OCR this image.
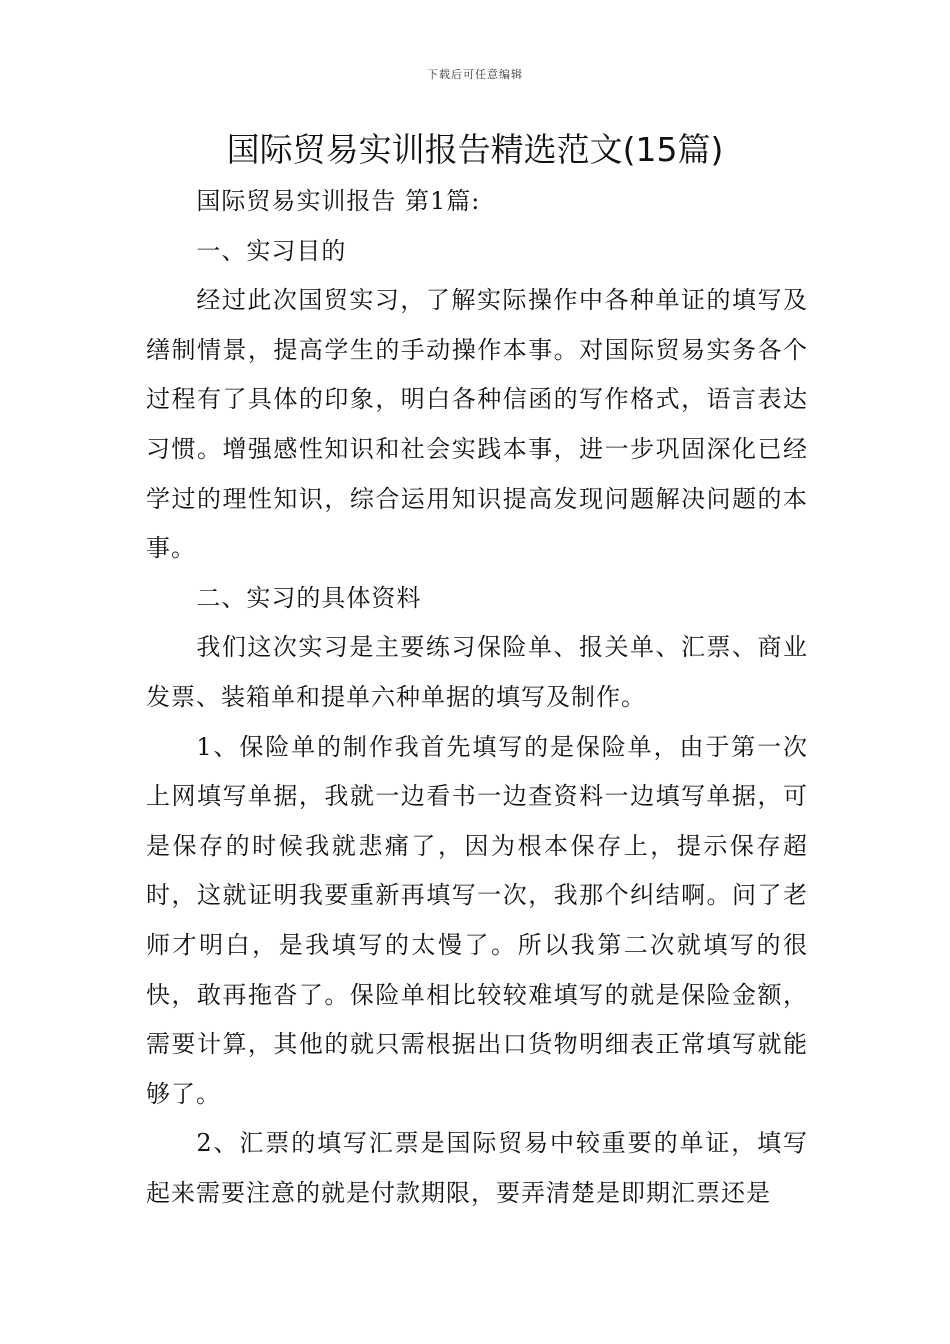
下载后可任意编辑
国际贸易实训报告精选范文(15篇)

国际贸易实训报告 第1篇:

一、实习目的

经过此次国贸实习，了解实际操作中各种单证的填写及缮制情景，提高学生的手动操作本事。对国际贸易实务各个过程有了具体的印象，明白各种信函的写作格式，语言表达习惯。增强感性知识和社会实践本事，进一步巩固深化已经学过的理性知识，综合运用知识提高发现问题解决问题的本事。

二、实习的具体资料

我们这次实习是主要练习保险单、报关单、汇票、商业发票、装箱单和提单六种单据的填写及制作。

1、保险单的制作我首先填写的是保险单，由于第一次上网填写单据，我就一边看书一边查资料一边填写单据，可是保存的时候我就悲痛了，因为根本保存上，提示保存超时，这就证明我要重新再填写一次，我那个纠结啊。问了老师才明白，是我填写的太慢了。所以我第二次就填写的很快，敢再拖沓了。保险单相比较较难填写的就是保险金额，需要计算，其他的就只需根据出口货物明细表正常填写就能够了。

2、汇票的填写汇票是国际贸易中较重要的单证，填写起来需要注意的就是付款期限，要弄清楚是即期汇票还是
